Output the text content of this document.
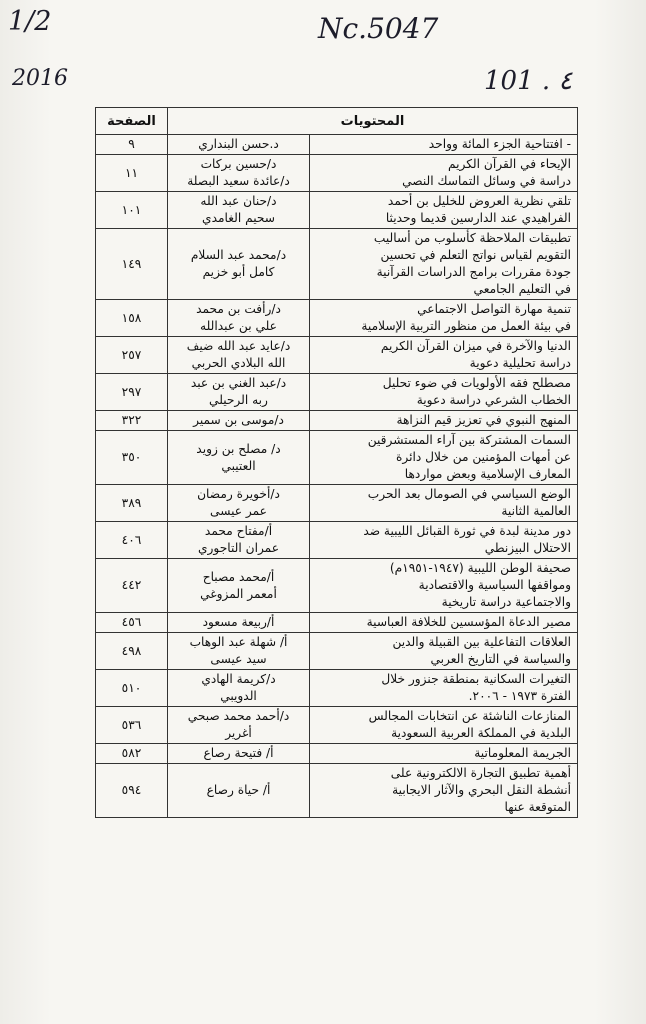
1/2
2016
Nc.5047
101 . ٤
المحتويات		الصفحة

- افتتاحية الجزء المائة وواحد	د.حسن البنداري	٩

الإيحاء في القرآن الكريم
دراسة في وسائل التماسك النصي	د/حسين بركات
د/عائدة سعيد البصلة	١١

تلقي نظرية العروض للخليل بن أحمد
الفراهيدي عند الدارسين قديما وحديثا	د/حنان عبد الله
سحيم الغامدي	١٠١

تطبيقات الملاحظة كأسلوب من أساليب
التقويم لقياس نواتج التعلم في تحسين
جودة مقررات برامج الدراسات القرآنية
في التعليم الجامعي	د/محمد عبد السلام
كامل أبو خزيم	١٤٩

تنمية مهارة التواصل الاجتماعي
في بيئة العمل من منظور التربية الإسلامية	د/رأفت بن محمد
علي بن عبدالله	١٥٨

الدنيا والآخرة في ميزان القرآن الكريم
دراسة تحليلية دعوية	د/عايد عبد الله ضيف
الله البلادي الحربي	٢٥٧

مصطلح فقه الأولويات في ضوء تحليل
الخطاب الشرعي دراسة دعوية	د/عبد الغني بن عبد
ربه الرحيلي	٢٩٧

المنهج النبوي في تعزيز قيم النزاهة	د/موسى بن سمير	٣٢٢

السمات المشتركة بين آراء المستشرقين
عن أمهات المؤمنين من خلال دائرة
المعارف الإسلامية وبعض مواردها	د/ مصلح بن زويد
العتيبي	٣٥٠

الوضع السياسي في الصومال بعد الحرب
العالمية الثانية	د/أخويرة رمضان
عمر عيسى	٣٨٩

دور مدينة لبدة في ثورة القبائل الليبية ضد
الاحتلال البيزنطي	أ/مفتاح محمد
عمران التاجوري	٤٠٦

صحيفة الوطن الليبية (١٩٤٧-١٩٥١م)
ومواقفها السياسية والاقتصادية
والاجتماعية دراسة تاريخية	أ/محمد مصباح
أمعمر المزوغي	٤٤٢

مصير الدعاة المؤسسين للخلافة العباسية	أ/ربيعة مسعود	٤٥٦

العلاقات التفاعلية بين القبيلة والدين
والسياسة في التاريخ العربي	أ/ شهلة عبد الوهاب
سيد عيسى	٤٩٨

التغيرات السكانية بمنطقة جنزور خلال
الفترة ١٩٧٣ - ٢٠٠٦.	د/كريمة الهادي
الدويبي	٥١٠

المنازعات الناشئة عن انتخابات المجالس
البلدية في المملكة العربية السعودية	د/أحمد محمد صبحي
أغرير	٥٣٦

الجريمة المعلوماتية	أ/ فتيحة رصاع	٥٨٢

أهمية تطبيق التجارة الالكترونية على
أنشطة النقل البحري والآثار الايجابية
المتوقعة عنها	أ/ حياة رصاع	٥٩٤
